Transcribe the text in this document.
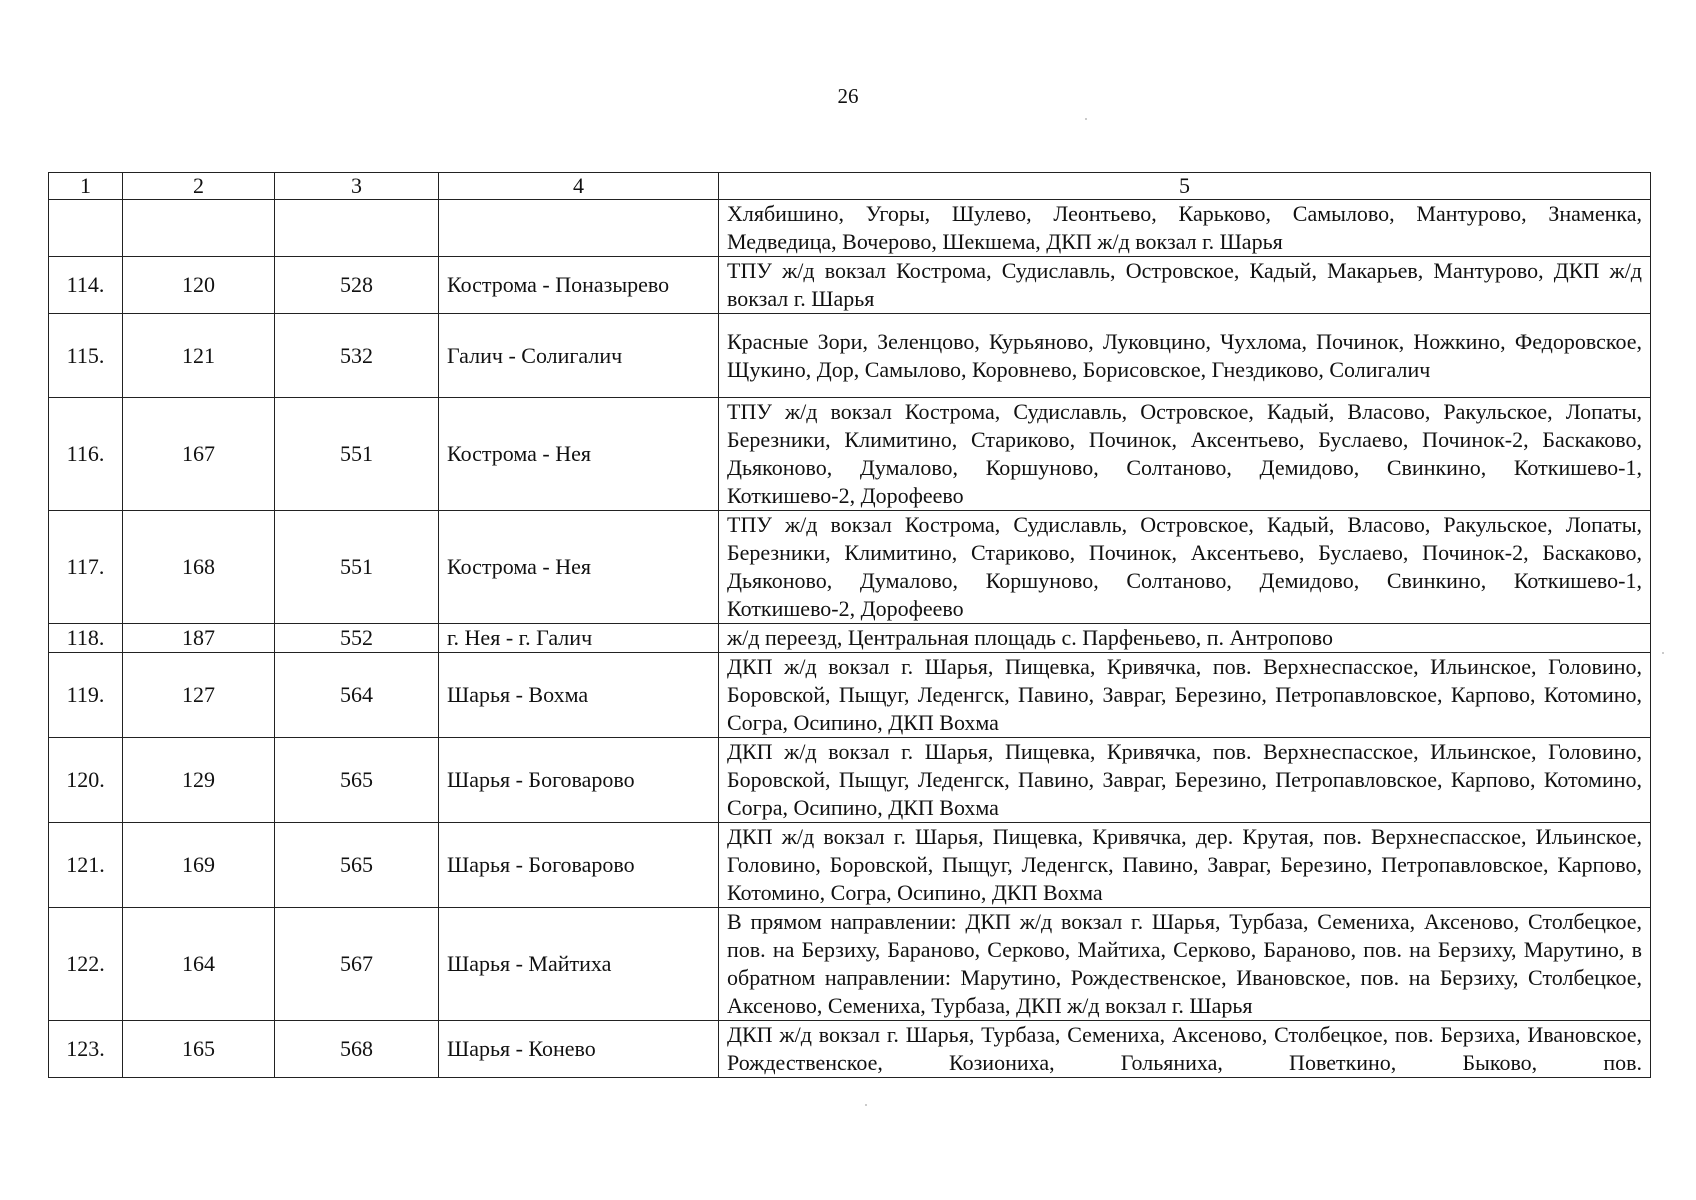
26
1	2	3	4	5
				Хлябишино, Угоры, Шулево, Леонтьево, Карьково, Самылово, Мантурово, Знаменка, Медведица, Вочерово, Шекшема, ДКП ж/д вокзал г. Шарья
114.	120	528	Кострома - Поназырево	ТПУ ж/д вокзал Кострома, Судиславль, Островское, Кадый, Макарьев, Мантурово, ДКП ж/д вокзал г. Шарья
115.	121	532	Галич - Солигалич	Красные Зори, Зеленцово, Курьяново, Луковцино, Чухлома, Починок, Ножкино, Федоровское, Щукино, Дор, Самылово, Коровнево, Борисовское, Гнездиково, Солигалич
116.	167	551	Кострома - Нея	ТПУ ж/д вокзал Кострома, Судиславль, Островское, Кадый, Власово, Ракульское, Лопаты, Березники, Климитино, Стариково, Починок, Аксентьево, Буслаево, Починок-2, Баскаково, Дьяконово, Думалово, Коршуново, Солтаново, Демидово, Свинкино, Коткишево-1, Коткишево-2, Дорофеево
117.	168	551	Кострома - Нея	ТПУ ж/д вокзал Кострома, Судиславль, Островское, Кадый, Власово, Ракульское, Лопаты, Березники, Климитино, Стариково, Починок, Аксентьево, Буслаево, Починок-2, Баскаково, Дьяконово, Думалово, Коршуново, Солтаново, Демидово, Свинкино, Коткишево-1, Коткишево-2, Дорофеево
118.	187	552	г. Нея - г. Галич	ж/д переезд, Центральная площадь с. Парфеньево, п. Антропово
119.	127	564	Шарья - Вохма	ДКП ж/д вокзал г. Шарья, Пищевка, Кривячка, пов. Верхнеспасское, Ильинское, Головино, Боровской, Пыщуг, Леденгск, Павино, Завраг, Березино, Петропавловское, Карпово, Котомино, Согра, Осипино, ДКП Вохма
120.	129	565	Шарья - Боговарово	ДКП ж/д вокзал г. Шарья, Пищевка, Кривячка, пов. Верхнеспасское, Ильинское, Головино, Боровской, Пыщуг, Леденгск, Павино, Завраг, Березино, Петропавловское, Карпово, Котомино, Согра, Осипино, ДКП Вохма
121.	169	565	Шарья - Боговарово	ДКП ж/д вокзал г. Шарья, Пищевка, Кривячка, дер. Крутая, пов. Верхнеспасское, Ильинское, Головино, Боровской, Пыщуг, Леденгск, Павино, Завраг, Березино, Петропавловское, Карпово, Котомино, Согра, Осипино, ДКП Вохма
122.	164	567	Шарья - Майтиха	В прямом направлении: ДКП ж/д вокзал г. Шарья, Турбаза, Семениха, Аксеново, Столбецкое, пов. на Берзиху, Бараново, Серково, Майтиха, Серково, Бараново, пов. на Берзиху, Марутино, в обратном направлении: Марутино, Рождественское, Ивановское, пов. на Берзиху, Столбецкое, Аксеново, Семениха, Турбаза, ДКП ж/д вокзал г. Шарья
123.	165	568	Шарья - Конево	ДКП ж/д вокзал г. Шарья, Турбаза, Семениха, Аксеново, Столбецкое, пов. Берзиха, Ивановское, Рождественское, Козиониха, Гольяниха, Поветкино, Быково, пов.
